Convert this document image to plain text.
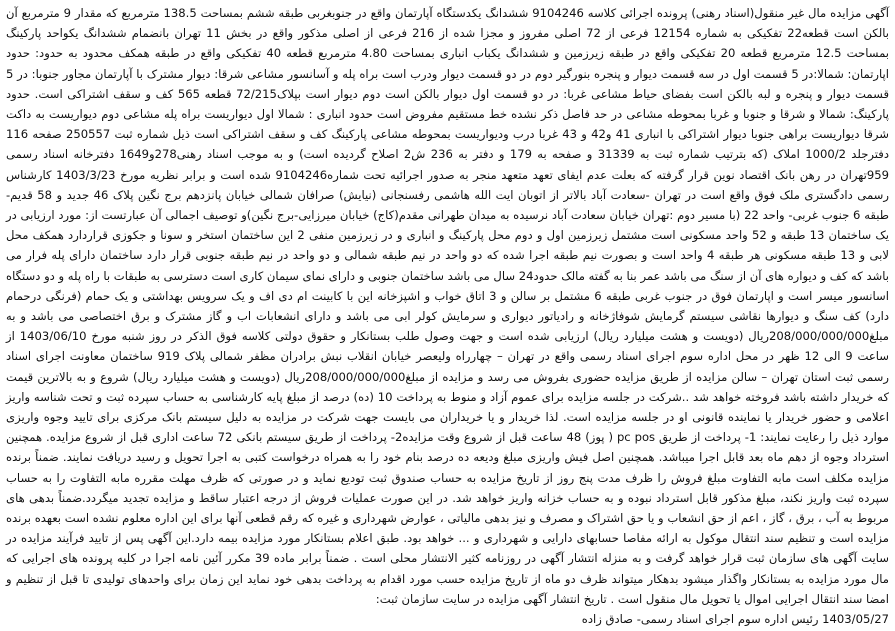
آگهی مزایده مال غیر منقول(اسناد رهنی) پرونده اجرائی کلاسه 9104246 ششدانگ یکدستگاه آپارتمان واقع در جنوبغربی طبقه ششم بمساحت 138.5 مترمربع که مقدار 9 مترمربع آن بالکن است قطعه22 تفکیکی به شماره 12154 فرعی از 72 اصلی مفروز و مجزا شده از 216 فرعی از اصلی مذکور واقع در بخش 11 تهران بانضمام ششدانگ یکواحد پارکینگ بمساحت 12.5 مترمربع قطعه 20 تفکیکی واقع در طبقه زیرزمین و ششدانگ یکباب انباری بمساحت 4.80 مترمربع قطعه 40 تفکیکی واقع در طبقه همکف محدود به حدود: حدود اپارتمان: شمالا:در 5 قسمت اول در سه قسمت دیوار و پنجره بنورگیر دوم در دو قسمت دیوار ودرب است براه پله و آسانسور مشاعی شرقا: دیوار مشترک با آپارتمان مجاور جنوبا: در 5 قسمت دیوار و پنجره و لبه بالکن است بفضای حیاط مشاعی غربا: در دو قسمت اول دیوار بالکن است دوم دیوار است بپلاک72/215 قطعه 565 کف و سقف اشتراکی است. حدود پارکینگ: شمالا و شرقا و جنوبا و غربا بمحوطه مشاعی در حد فاصل ذکر نشده خط مستقیم مفروض است حدود انباری : شمالا اول دیواریست براه پله مشاعی دوم دیواریست به داکت شرقا دیواریست براهی جنوبا دیوار اشتراکی با انباری 41 و42 و 43 غربا درب ودیواریست بمحوطه مشاعی پارکینگ کف و سقف اشتراکی است ذیل شماره ثبت 250557 صفحه 116 دفترجلد 1000/2 املاک (که بترتیب شماره ثبت به 31339 و صفحه به 179 و دفتر به 236 ش2 اصلاح گردیده است) و به موجب اسناد رهنی278و1649 دفترخانه اسناد رسمی 959تهران در رهن بانک اقتصاد نوین قرار گرفته که بعلت عدم ایفای تعهد متعهد منجر به صدور اجرائیه تحت شماره9104246 شده است و برابر نظریه مورخ 1403/3/23 کارشناس رسمی دادگستری ملک فوق واقع است در تهران -سعادت آباد بالاتر از اتوبان ایت الله هاشمی رفسنجانی (نیایش) صرافان شمالی خیابان پانزدهم برج نگین پلاک 46 جدید و 58 قدیم- طبقه 6 جنوب غربی- واحد 22 (با مسیر دوم :تهران خیابان سعادت آباد نرسیده به میدان طهرانی مقدم(کاج) خیابان میرزایی-برج نگین)و توصیف اجمالی آن عبارتست از: مورد ارزیابی در یک ساختمان 13 طبقه و 52 واحد مسکونی است مشتمل زیرزمین اول و دوم محل پارکینگ و انباری و در زیرزمین منفی 2 این ساختمان استخر و سونا و جکوزی قراردارد همکف محل لابی و 13 طبقه مسکونی هر طبقه 4 واحد است و بصورت نیم طبقه اجرا شده که دو واحد در نیم طبقه شمالی و دو واحد در نیم طبقه جنوبی قرار دارد ساختمان دارای پله فرار می باشد که کف و دیواره های آن از سنگ می باشد عمر بنا به گفته مالک حدود24 سال می باشد ساختمان جنوبی و دارای نمای سیمان کاری است دسترسی به طبقات با راه پله و دو دستگاه اسانسور میسر است و اپارتمان فوق در جنوب غربی طبقه 6 مشتمل بر سالن و 3 اتاق خواب و اشپزخانه این با کابینت ام دی اف و یک سرویس بهداشتی و یک حمام (فرنگی درحمام دارد) کف سنگ و دیوارها نقاشی سیستم گرمایش شوفاژخانه و رادیاتور دیواری و سرمایش کولر ابی می باشد و دارای انشعابات اب و گاز مشترک و برق اختصاصی می باشد و به مبلغ208/000/000/000ریال (دویست و هشت میلیارد ریال) ارزیابی شده است و جهت وصول طلب بستانکار و حقوق دولتی کلاسه فوق الذکر در روز شنبه مورخ 1403/06/10 از ساعت 9 الی 12 ظهر در محل اداره سوم اجرای اسناد رسمی واقع در تهران – چهارراه ولیعصر خیابان انقلاب نبش برادران مظفر شمالی پلاک 919 ساختمان معاونت اجرای اسناد رسمی ثبت استان تهران – سالن مزایده از طریق مزایده حضوری بفروش می رسد و مزایده از مبلغ208/000/000/000ریال (دویست و هشت میلیارد ریال) شروع و به بالاترین قیمت که خریدار داشته باشد فروخته خواهد شد ..شرکت در جلسه مزایده برای عموم آزاد و منوط به پرداخت 10 (ده) درصد از مبلغ پایه کارشناسی به حساب سپرده ثبت و تحت شناسه واریز اعلامی و حضور خریدار یا نماینده قانونی او در جلسه مزایده است. لذا خریدار و یا خریداران می بایست جهت شرکت در مزایده به دلیل سیستم بانک مرکزی برای تایید وجوه واریزی موارد ذیل را رعایت نمایند: 1- پرداخت از طریق pc pos ( پوز) 48 ساعت قبل از شروع وقت مزایده2- پرداخت از طریق سیستم بانکی 72 ساعت اداری قبل از شروع مزایده. همچنین استرداد وجوه از دهم ماه بعد قابل اجرا میباشد. همچنین اصل فیش واریزی مبلغ ودیعه ده درصد بنام خود را به همراه درخواست کتبی به اجرا تحویل و رسید دریافت نمایند. ضمناً برنده مزایده مکلف است مابه التفاوت مبلغ فروش را ظرف مدت پنج روز از تاریخ مزایده به حساب صندوق ثبت تودیع نماید و در صورتی که ظرف مهلت مقرره مابه التفاوت را به حساب سپرده ثبت واریز نکند، مبلغ مذکور قابل استرداد نبوده و به حساب خزانه واریز خواهد شد. در این صورت عملیات فروش از درجه اعتبار ساقط و مزایده تجدید میگردد.ضمناً بدهی های مربوط به آب ، برق ، گاز ، اعم از حق انشعاب و یا حق اشتراک و مصرف و نیز بدهی مالیاتی ، عوارض شهرداری و غیره که رقم قطعی آنها برای این اداره معلوم نشده است بعهده برنده مزایده است و تنظیم سند انتقال موکول به ارائه مفاصا حسابهای دارایی و شهرداری و ... خواهد بود. طبق اعلام بستانکار مورد مزایده بیمه دارد.این آگهی پس از تایید فرآیند مزایده در سایت آگهی های سازمان ثبت قرار خواهد گرفت و به منزله انتشار آگهی در روزنامه کثیر الانتشار محلی است . ضمناً برابر ماده 39 مکرر آئین نامه اجرا در کلیه پرونده های اجرایی که مال مورد مزایده به بستانکار واگذار میشود بدهکار میتواند ظرف دو ماه از تاریخ مزایده حسب مورد اقدام به پرداخت بدهی خود نماید این زمان برای واحدهای تولیدی تا قبل از تنظیم و امضا سند انتقال اجرایی اموال یا تحویل مال منقول است . تاریخ انتشار آگهی مزایده در سایت سازمان ثبت:

1403/05/27 رئیس اداره سوم اجرای اسناد رسمی- صادق زاده
